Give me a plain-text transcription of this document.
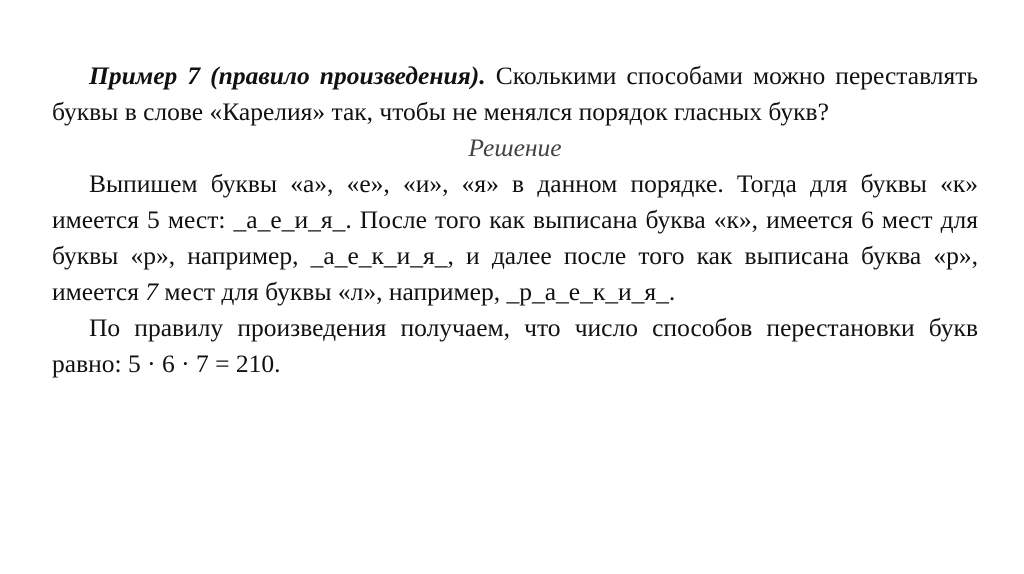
Пример 7 (правило произведения). Сколькими способами можно переставлять буквы в слове «Карелия» так, чтобы не менялся порядок гласных букв?

Решение

Выпишем буквы «а», «е», «и», «я» в данном порядке. Тогда для буквы «к» имеется 5 мест: _а_е_и_я_. После того как выписана буква «к», имеется 6 мест для буквы «р», например, _а_е_к_и_я_, и далее после того как выписана буква «р», имеется 7 мест для буквы «л», например, _р_а_е_к_и_я_.

По правилу произведения получаем, что число способов перестановки букв равно: 5 · 6 · 7 = 210.
